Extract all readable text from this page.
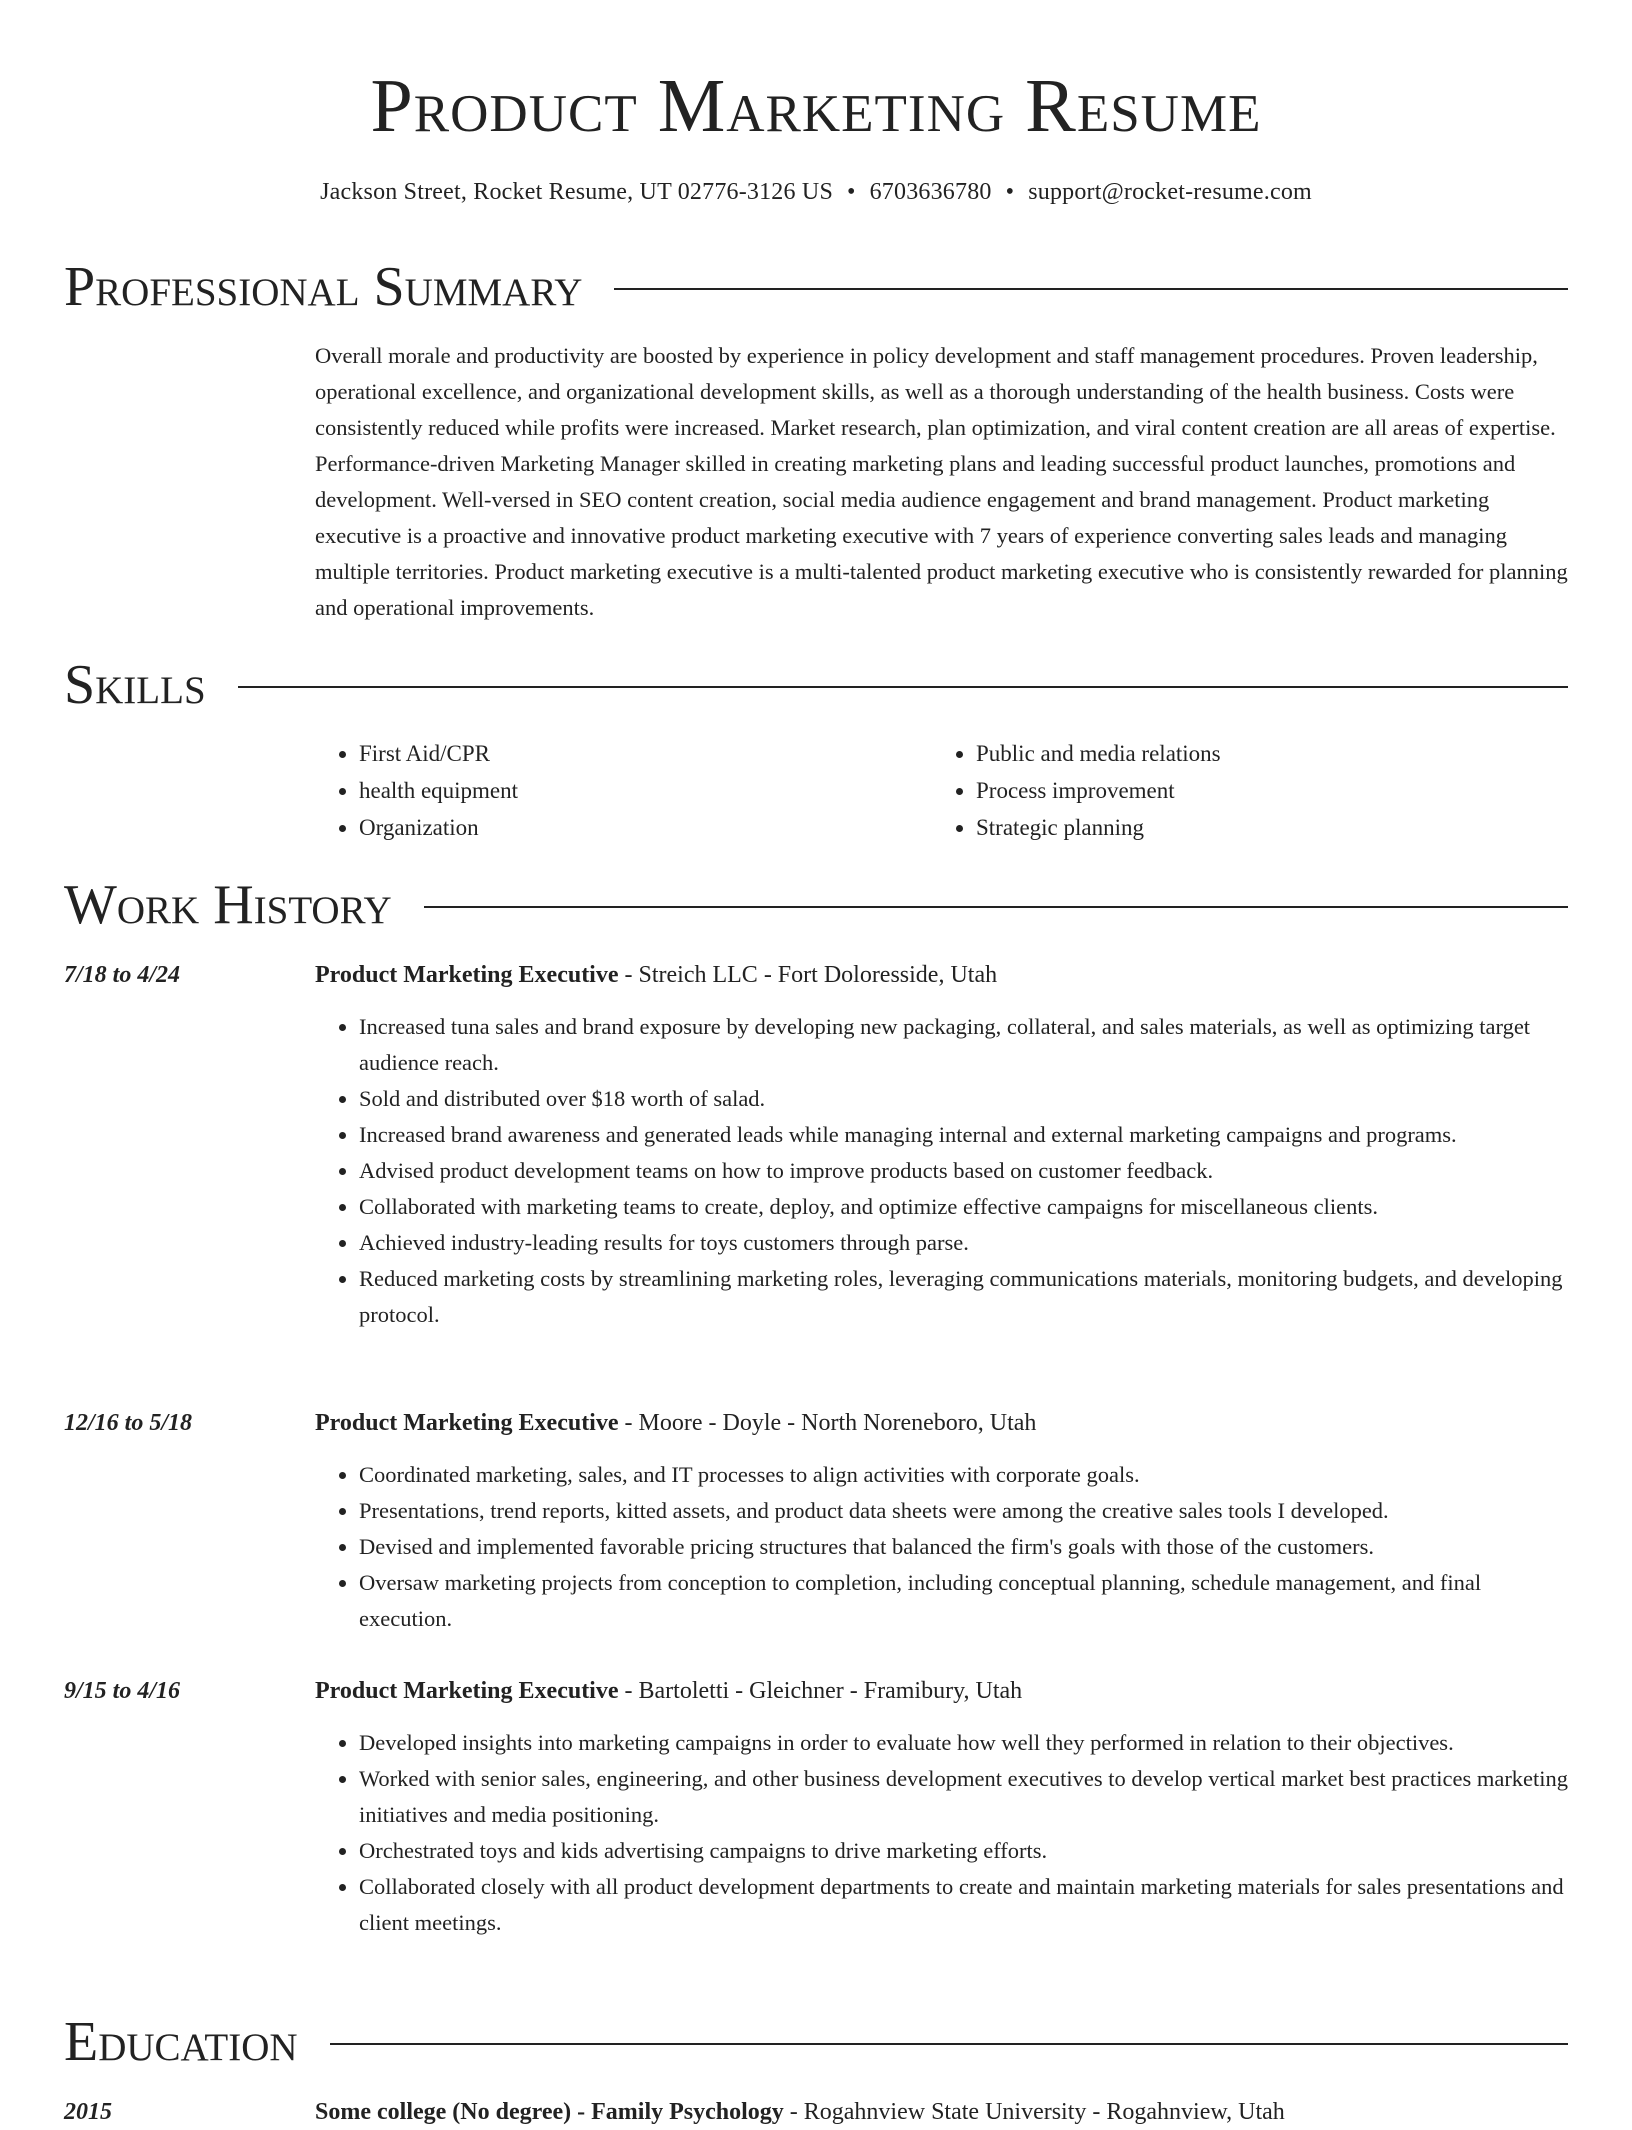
Product Marketing Resume
Jackson Street, Rocket Resume, UT 02776-3126 US • 6703636780 • support@rocket-resume.com
Professional Summary

Overall morale and productivity are boosted by experience in policy development and staff management procedures. Proven leadership, operational excellence, and organizational development skills, as well as a thorough understanding of the health business. Costs were consistently reduced while profits were increased. Market research, plan optimization, and viral content creation are all areas of expertise. Performance-driven Marketing Manager skilled in creating marketing plans and leading successful product launches, promotions and development. Well-versed in SEO content creation, social media audience engagement and brand management. Product marketing executive is a proactive and innovative product marketing executive with 7 years of experience converting sales leads and managing multiple territories. Product marketing executive is a multi-talented product marketing executive who is consistently rewarded for planning and operational improvements.

Skills
• First Aid/CPR
• health equipment
• Organization
• Public and media relations
• Process improvement
• Strategic planning
Work History
7/18 to 4/24	Product Marketing Executive - Streich LLC - Fort Doloresside, Utah

• Increased tuna sales and brand exposure by developing new packaging, collateral, and sales materials, as well as optimizing target audience reach.
• Sold and distributed over $18 worth of salad.
• Increased brand awareness and generated leads while managing internal and external marketing campaigns and programs.
• Advised product development teams on how to improve products based on customer feedback.
• Collaborated with marketing teams to create, deploy, and optimize effective campaigns for miscellaneous clients.
• Achieved industry-leading results for toys customers through parse.
• Reduced marketing costs by streamlining marketing roles, leveraging communications materials, monitoring budgets, and developing protocol.
12/16 to 5/18	Product Marketing Executive - Moore - Doyle - North Noreneboro, Utah

• Coordinated marketing, sales, and IT processes to align activities with corporate goals.
• Presentations, trend reports, kitted assets, and product data sheets were among the creative sales tools I developed.
• Devised and implemented favorable pricing structures that balanced the firm's goals with those of the customers.
• Oversaw marketing projects from conception to completion, including conceptual planning, schedule management, and final execution.
9/15 to 4/16	Product Marketing Executive - Bartoletti - Gleichner - Framibury, Utah

• Developed insights into marketing campaigns in order to evaluate how well they performed in relation to their objectives.
• Worked with senior sales, engineering, and other business development executives to develop vertical market best practices marketing initiatives and media positioning.
• Orchestrated toys and kids advertising campaigns to drive marketing efforts.
• Collaborated closely with all product development departments to create and maintain marketing materials for sales presentations and client meetings.
Education
2015	Some college (No degree) - Family Psychology - Rogahnview State University - Rogahnview, Utah
